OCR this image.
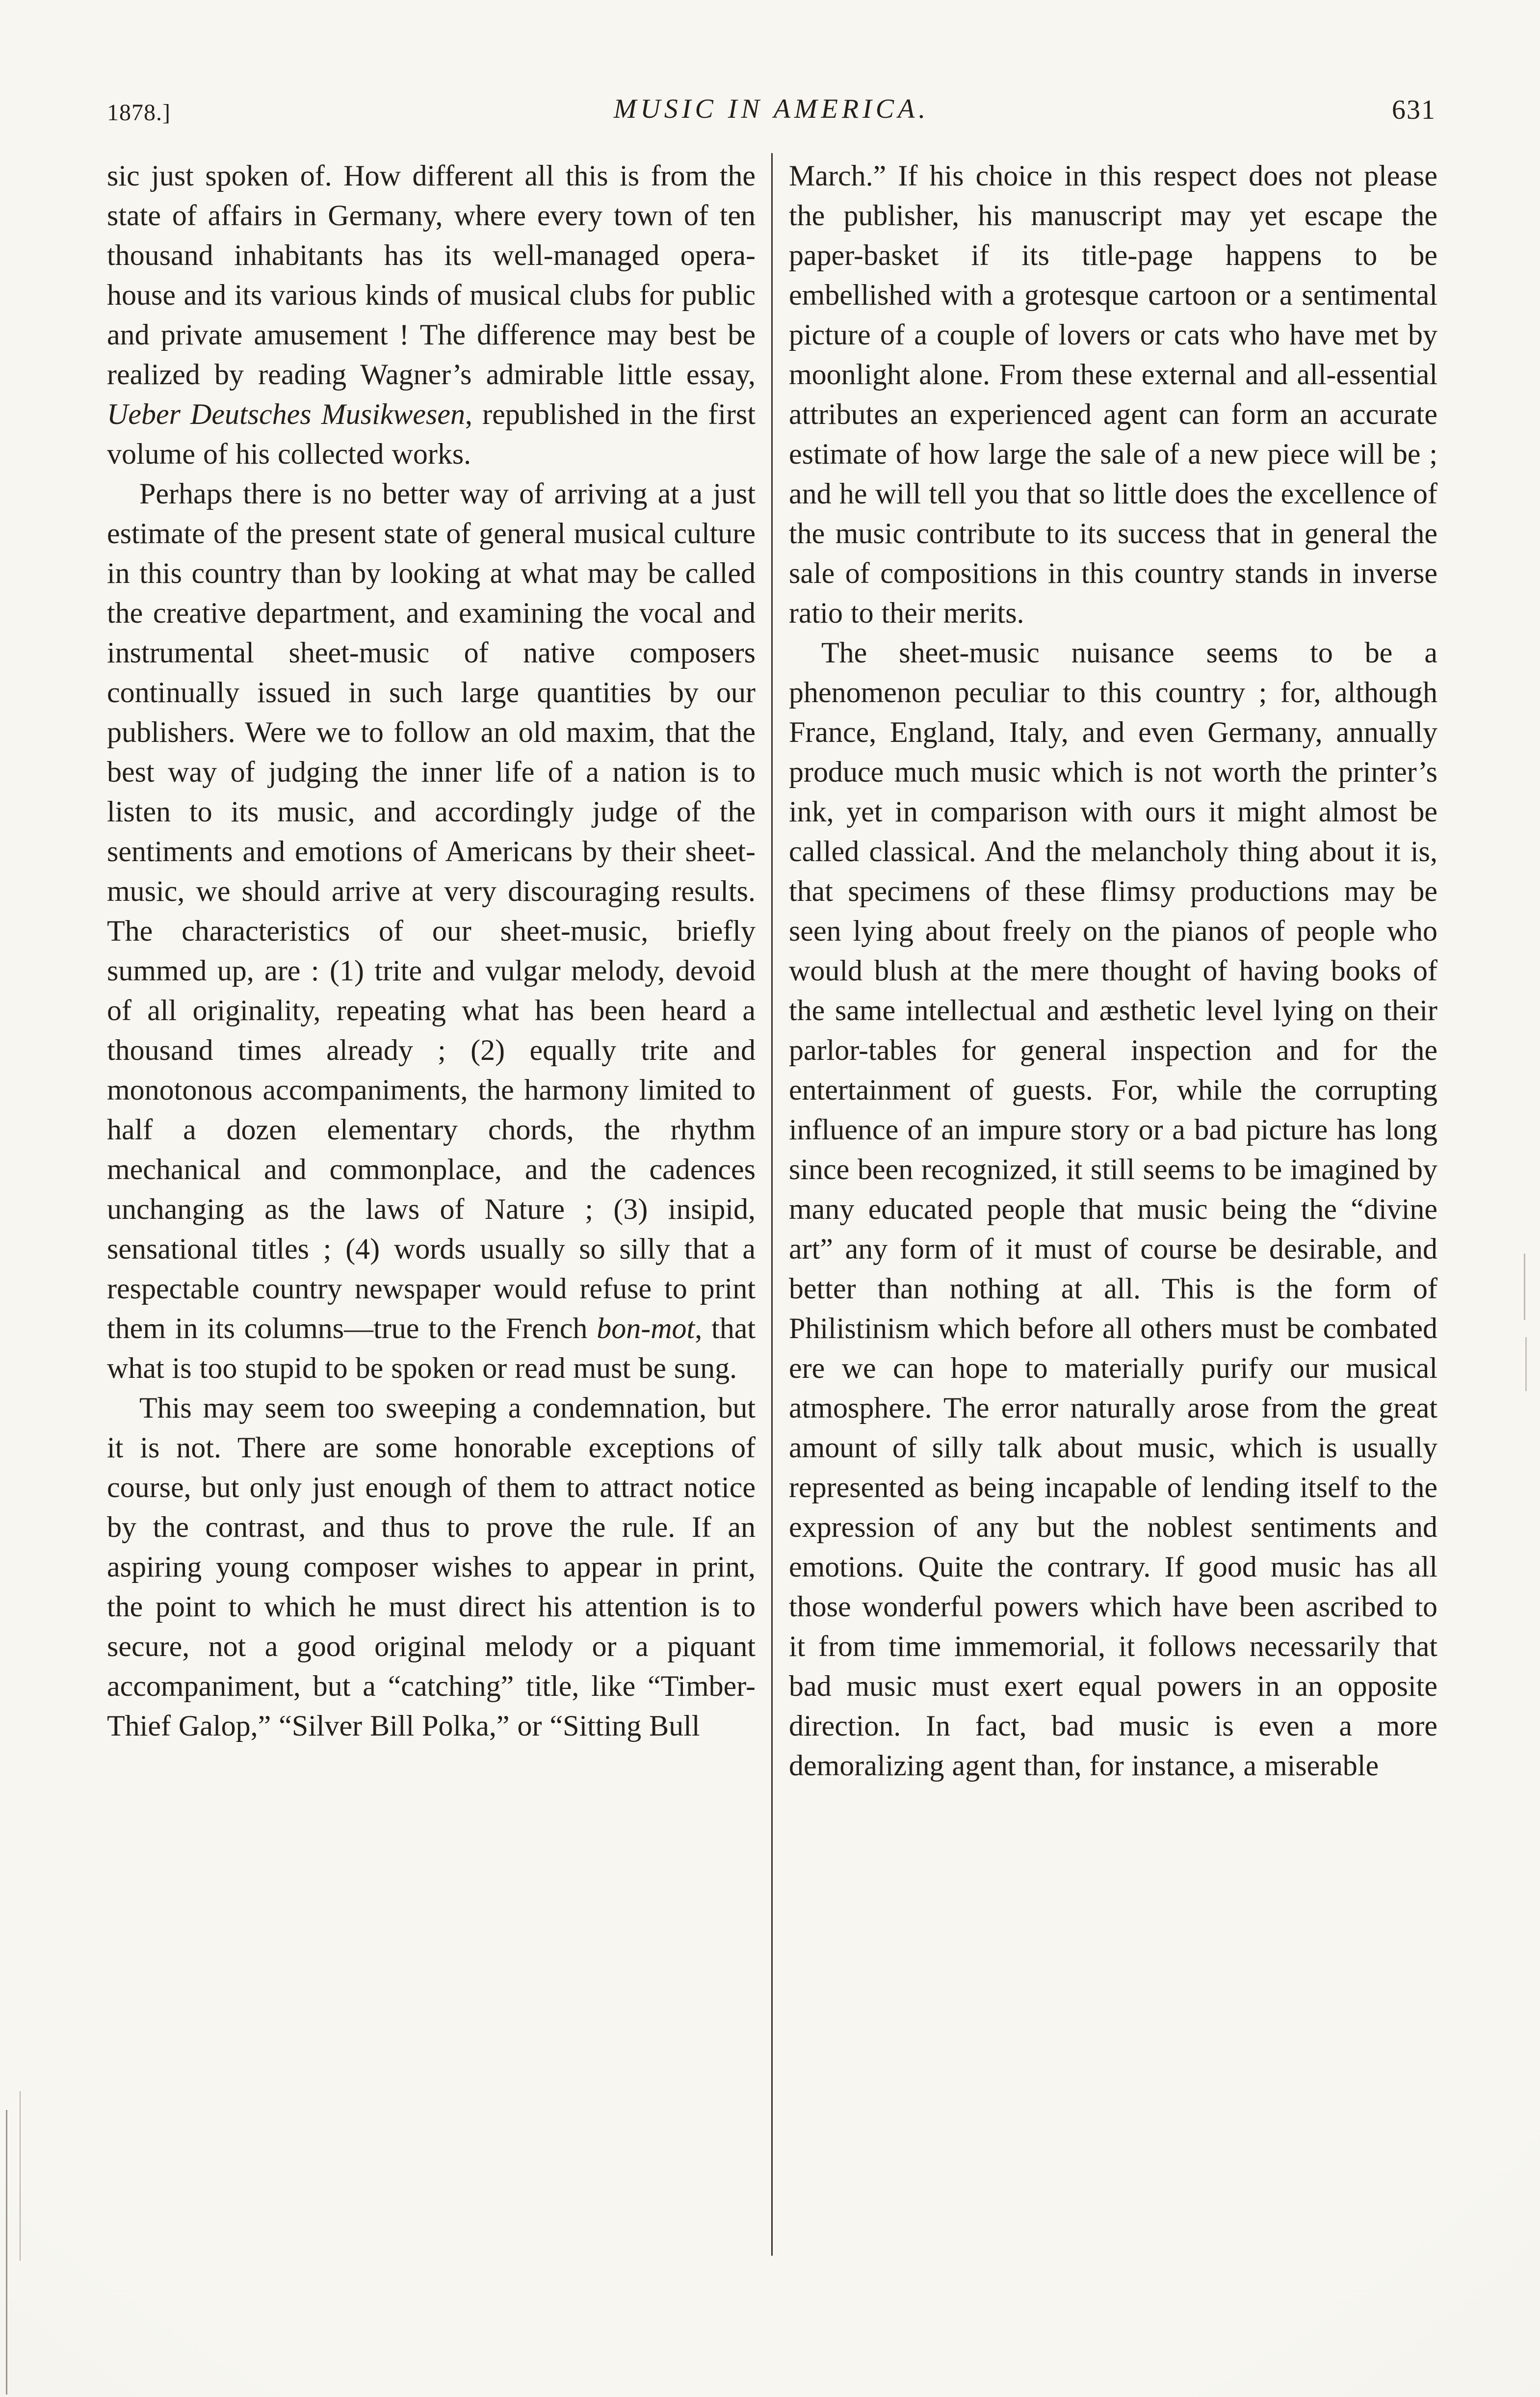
1878.]	MUSIC IN AMERICA.	631

sic just spoken of. How different all this is from the state of affairs in Germany, where every town of ten thousand inhabitants has its well-managed opera-house and its various kinds of musical clubs for public and private amusement ! The difference may best be realized by reading Wagner’s admirable little essay, Ueber Deutsches Musikwesen, republished in the first volume of his collected works.

Perhaps there is no better way of arriving at a just estimate of the present state of general musical culture in this country than by looking at what may be called the creative department, and examining the vocal and instrumental sheet-music of native composers continually issued in such large quantities by our publishers. Were we to follow an old maxim, that the best way of judging the inner life of a nation is to listen to its music, and accordingly judge of the sentiments and emotions of Americans by their sheet-music, we should arrive at very discouraging results. The characteristics of our sheet-music, briefly summed up, are : (1) trite and vulgar melody, devoid of all originality, repeating what has been heard a thousand times already ; (2) equally trite and monotonous accompaniments, the harmony limited to half a dozen elementary chords, the rhythm mechanical and commonplace, and the cadences unchanging as the laws of Nature ; (3) insipid, sensational titles ; (4) words usually so silly that a respectable country newspaper would refuse to print them in its columns—true to the French bon-mot, that what is too stupid to be spoken or read must be sung.

This may seem too sweeping a condemnation, but it is not. There are some honorable exceptions of course, but only just enough of them to attract notice by the contrast, and thus to prove the rule. If an aspiring young composer wishes to appear in print, the point to which he must direct his attention is to secure, not a good original melody or a piquant accompaniment, but a “catching” title, like “Timber-Thief Galop,” “Silver Bill Polka,” or “Sitting Bull

March.” If his choice in this respect does not please the publisher, his manuscript may yet escape the paper-basket if its title-page happens to be embellished with a grotesque cartoon or a sentimental picture of a couple of lovers or cats who have met by moonlight alone. From these external and all-essential attributes an experienced agent can form an accurate estimate of how large the sale of a new piece will be ; and he will tell you that so little does the excellence of the music contribute to its success that in general the sale of compositions in this country stands in inverse ratio to their merits.

The sheet-music nuisance seems to be a phenomenon peculiar to this country ; for, although France, England, Italy, and even Germany, annually produce much music which is not worth the printer’s ink, yet in comparison with ours it might almost be called classical. And the melancholy thing about it is, that specimens of these flimsy productions may be seen lying about freely on the pianos of people who would blush at the mere thought of having books of the same intellectual and æsthetic level lying on their parlor-tables for general inspection and for the entertainment of guests. For, while the corrupting influence of an impure story or a bad picture has long since been recognized, it still seems to be imagined by many educated people that music being the “divine art” any form of it must of course be desirable, and better than nothing at all. This is the form of Philistinism which before all others must be combated ere we can hope to materially purify our musical atmosphere. The error naturally arose from the great amount of silly talk about music, which is usually represented as being incapable of lending itself to the expression of any but the noblest sentiments and emotions. Quite the contrary. If good music has all those wonderful powers which have been ascribed to it from time immemorial, it follows necessarily that bad music must exert equal powers in an opposite direction. In fact, bad music is even a more demoralizing agent than, for instance, a miserable
